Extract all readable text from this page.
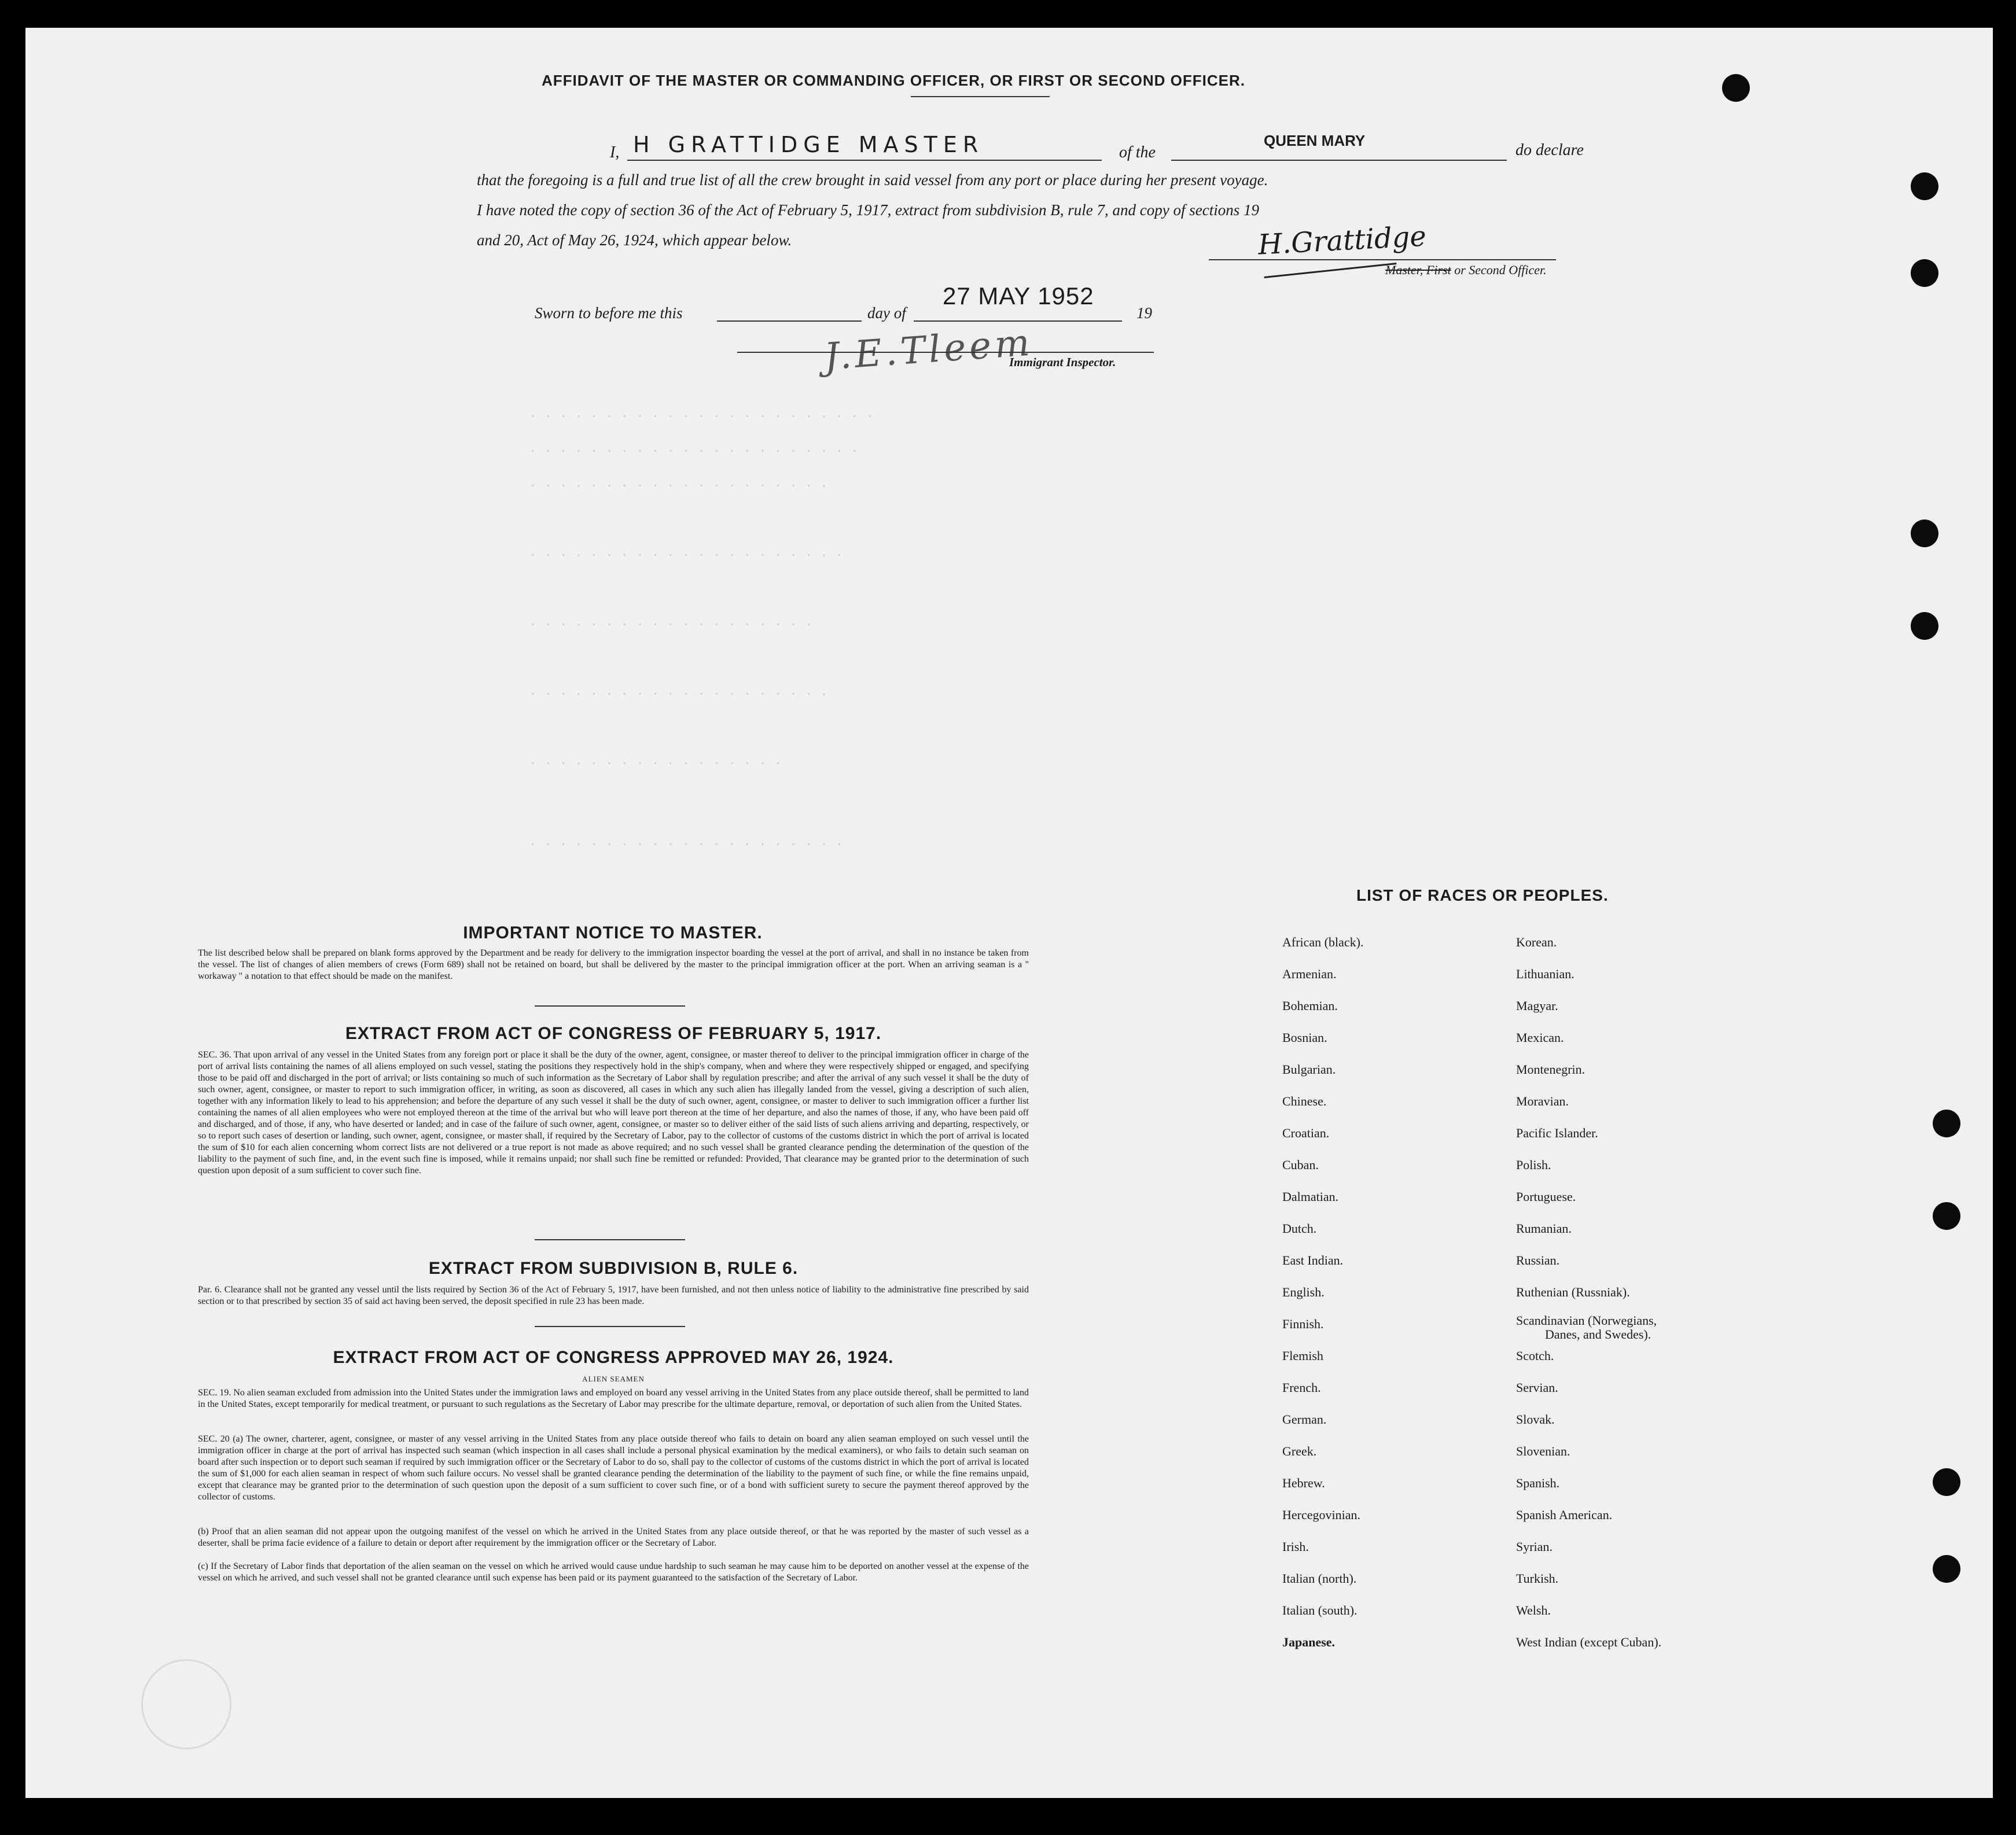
· · · · · · · · · · · · · · · · · · · · · · ·
· · · · · · · · · · · · · · · · · · · · · ·
· · · · · · · · · · · · · · · · · · · ·
· · · · · · · · · · · · · · · · · · · · ·
· · · · · · · · · · · · · · · · · · ·
· · · · · · · · · · · · · · · · · · · ·
· · · · · · · · · · · · · · · · ·
· · · · · · · · · · · · · · · · · · · · ·
AFFIDAVIT OF THE MASTER OR COMMANDING OFFICER, OR FIRST OR SECOND OFFICER.
I, H GRATTIDGE MASTER	of the
QUEEN MARY
do declare
that the foregoing is a full and true list of all the crew brought in said vessel from any port or place during her present voyage.
I have noted the copy of section 36 of the Act of February 5, 1917, extract from subdivision B, rule 7, and copy of sections 19
and 20, Act of May 26, 1924, which appear below.	H.Grattidge
Master, First or Second Officer.
Sworn to before me this	day of
27 MAY 1952
19
J.E.Tleem
Immigrant Inspector.
IMPORTANT NOTICE TO MASTER.
The list described below shall be prepared on blank forms approved by the Department and be ready for delivery to the immigration inspector boarding the vessel at the port of arrival, and shall in no instance be taken from the vessel. The list of changes of alien members of crews (Form 689) shall not be retained on board, but shall be delivered by the master to the principal immigration officer at the port. When an arriving seaman is a " workaway " a notation to that effect should be made on the manifest.
EXTRACT FROM ACT OF CONGRESS OF FEBRUARY 5, 1917.
SEC. 36. That upon arrival of any vessel in the United States from any foreign port or place it shall be the duty of the owner, agent, consignee, or master thereof to deliver to the principal immigration officer in charge of the port of arrival lists containing the names of all aliens employed on such vessel, stating the positions they respectively hold in the ship's company, when and where they were respectively shipped or engaged, and specifying those to be paid off and discharged in the port of arrival; or lists containing so much of such information as the Secretary of Labor shall by regulation prescribe; and after the arrival of any such vessel it shall be the duty of such owner, agent, consignee, or master to report to such immigration officer, in writing, as soon as discovered, all cases in which any such alien has illegally landed from the vessel, giving a description of such alien, together with any information likely to lead to his apprehension; and before the departure of any such vessel it shall be the duty of such owner, agent, consignee, or master to deliver to such immigration officer a further list containing the names of all alien employees who were not employed thereon at the time of the arrival but who will leave port thereon at the time of her departure, and also the names of those, if any, who have been paid off and discharged, and of those, if any, who have deserted or landed; and in case of the failure of such owner, agent, consignee, or master so to deliver either of the said lists of such aliens arriving and departing, respectively, or so to report such cases of desertion or landing, such owner, agent, consignee, or master shall, if required by the Secretary of Labor, pay to the collector of customs of the customs district in which the port of arrival is located the sum of $10 for each alien concerning whom correct lists are not delivered or a true report is not made as above required; and no such vessel shall be granted clearance pending the determination of the question of the liability to the payment of such fine, and, in the event such fine is imposed, while it remains unpaid; nor shall such fine be remitted or refunded: Provided, That clearance may be granted prior to the determination of such question upon deposit of a sum sufficient to cover such fine.
EXTRACT FROM SUBDIVISION B, RULE 6.
Par. 6. Clearance shall not be granted any vessel until the lists required by Section 36 of the Act of February 5, 1917, have been furnished, and not then unless notice of liability to the administrative fine prescribed by said section or to that prescribed by section 35 of said act having been served, the deposit specified in rule 23 has been made.
EXTRACT FROM ACT OF CONGRESS APPROVED MAY 26, 1924.
ALIEN SEAMEN
SEC. 19. No alien seaman excluded from admission into the United States under the immigration laws and employed on board any vessel arriving in the United States from any place outside thereof, shall be permitted to land in the United States, except temporarily for medical treatment, or pursuant to such regulations as the Secretary of Labor may prescribe for the ultimate departure, removal, or deportation of such alien from the United States.
SEC. 20 (a) The owner, charterer, agent, consignee, or master of any vessel arriving in the United States from any place outside thereof who fails to detain on board any alien seaman employed on such vessel until the immigration officer in charge at the port of arrival has inspected such seaman (which inspection in all cases shall include a personal physical examination by the medical examiners), or who fails to detain such seaman on board after such inspection or to deport such seaman if required by such immigration officer or the Secretary of Labor to do so, shall pay to the collector of customs of the customs district in which the port of arrival is located the sum of $1,000 for each alien seaman in respect of whom such failure occurs. No vessel shall be granted clearance pending the determination of the liability to the payment of such fine, or while the fine remains unpaid, except that clearance may be granted prior to the determination of such question upon the deposit of a sum sufficient to cover such fine, or of a bond with sufficient surety to secure the payment thereof approved by the collector of customs.
(b) Proof that an alien seaman did not appear upon the outgoing manifest of the vessel on which he arrived in the United States from any place outside thereof, or that he was reported by the master of such vessel as a deserter, shall be prima facie evidence of a failure to detain or deport after requirement by the immigration officer or the Secretary of Labor.
(c) If the Secretary of Labor finds that deportation of the alien seaman on the vessel on which he arrived would cause undue hardship to such seaman he may cause him to be deported on another vessel at the expense of the vessel on which he arrived, and such vessel shall not be granted clearance until such expense has been paid or its payment guaranteed to the satisfaction of the Secretary of Labor.
LIST OF RACES OR PEOPLES.
African (black).
Armenian.
Bohemian.
Bosnian.
Bulgarian.
Chinese.
Croatian.
Cuban.
Dalmatian.
Dutch.
East Indian.
English.
Finnish.
Flemish
French.
German.
Greek.
Hebrew.
Hercegovinian.
Irish.
Italian (north).
Italian (south).
Japanese.
Korean.
Lithuanian.
Magyar.
Mexican.
Montenegrin.
Moravian.
Pacific Islander.
Polish.
Portuguese.
Rumanian.
Russian.
Ruthenian (Russniak).
Scandinavian (Norwegians,
Danes, and Swedes).
Scotch.
Servian.
Slovak.
Slovenian.
Spanish.
Spanish American.
Syrian.
Turkish.
Welsh.
West Indian (except Cuban).
